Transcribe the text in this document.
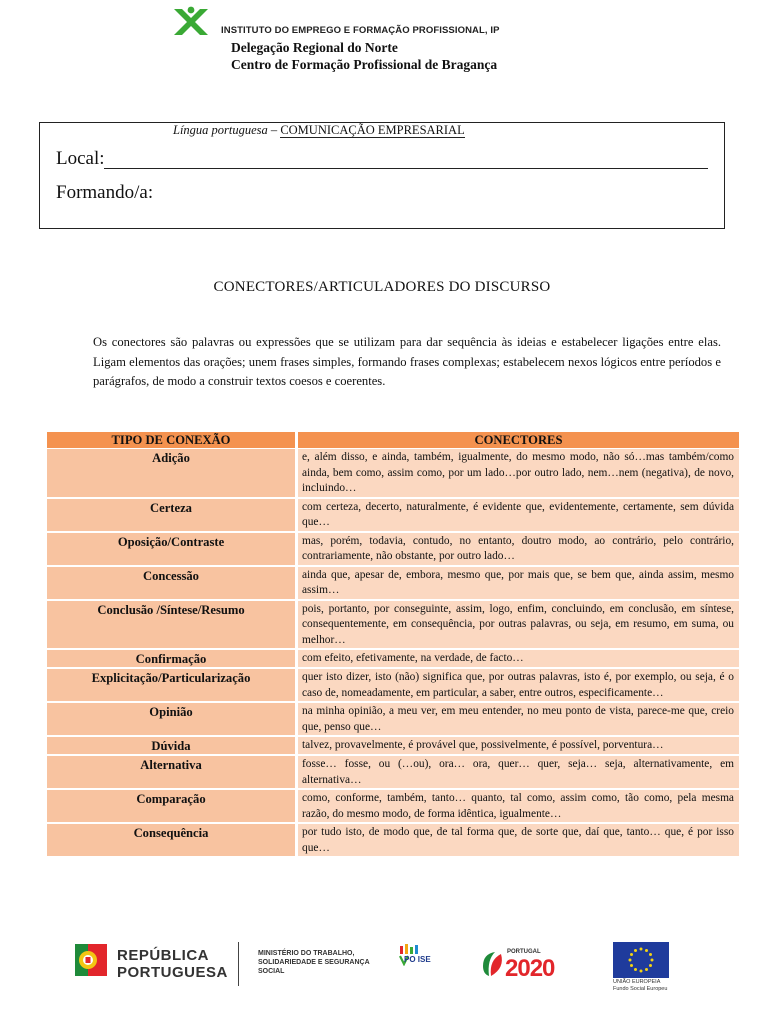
INSTITUTO DO EMPREGO E FORMAÇÃO PROFISSIONAL, IP
Delegação Regional do Norte
Centro de Formação Profissional de Bragança
Língua portuguesa – COMUNICAÇÃO EMPRESARIAL
Local:
Formando/a:
CONECTORES/ARTICULADORES DO DISCURSO

Os conectores são palavras ou expressões que se utilizam para dar sequência às ideias e estabelecer ligações entre elas. Ligam elementos das orações; unem frases simples, formando frases complexas; estabelecem nexos lógicos entre períodos e parágrafos, de modo a construir textos coesos e coerentes.

TIPO DE CONEXÃO	CONECTORES
Adição	e, além disso, e ainda, também, igualmente, do mesmo modo, não só…mas também/como ainda, bem como, assim como, por um lado…por outro lado, nem…nem (negativa), de novo, incluindo…
Certeza	com certeza, decerto, naturalmente, é evidente que, evidentemente, certamente, sem dúvida que…
Oposição/Contraste	mas, porém, todavia, contudo, no entanto, doutro modo, ao contrário, pelo contrário, contrariamente, não obstante, por outro lado…
Concessão	ainda que, apesar de, embora, mesmo que, por mais que, se bem que, ainda assim, mesmo assim…
Conclusão /Síntese/Resumo	pois, portanto, por conseguinte, assim, logo, enfim, concluindo, em conclusão, em síntese, consequentemente, em consequência, por outras palavras, ou seja, em resumo, em suma, ou melhor…
Confirmação	com efeito, efetivamente, na verdade, de facto…
Explicitação/Particularização	quer isto dizer, isto (não) significa que, por outras palavras, isto é, por exemplo, ou seja, é o caso de, nomeadamente, em particular, a saber, entre outros, especificamente…
Opinião	na minha opinião, a meu ver, em meu entender, no meu ponto de vista, parece-me que, creio que, penso que…
Dúvida	talvez, provavelmente, é provável que, possivelmente, é possível, porventura…
Alternativa	fosse… fosse, ou (…ou), ora… ora, quer… quer, seja… seja, alternativamente, em alternativa…
Comparação	como, conforme, também, tanto… quanto, tal como, assim como, tão como, pela mesma razão, do mesmo modo, de forma idêntica, igualmente…
Consequência	por tudo isto, de modo que, de tal forma que, de sorte que, daí que, tanto… que, é por isso que…
REPÚBLICA
PORTUGUESA
MINISTÉRIO DO TRABALHO,
SOLIDARIEDADE E SEGURANÇA
SOCIAL
PO ISE
PORTUGAL
2020	UNIÃO EUROPEIA
Fundo Social Europeu
